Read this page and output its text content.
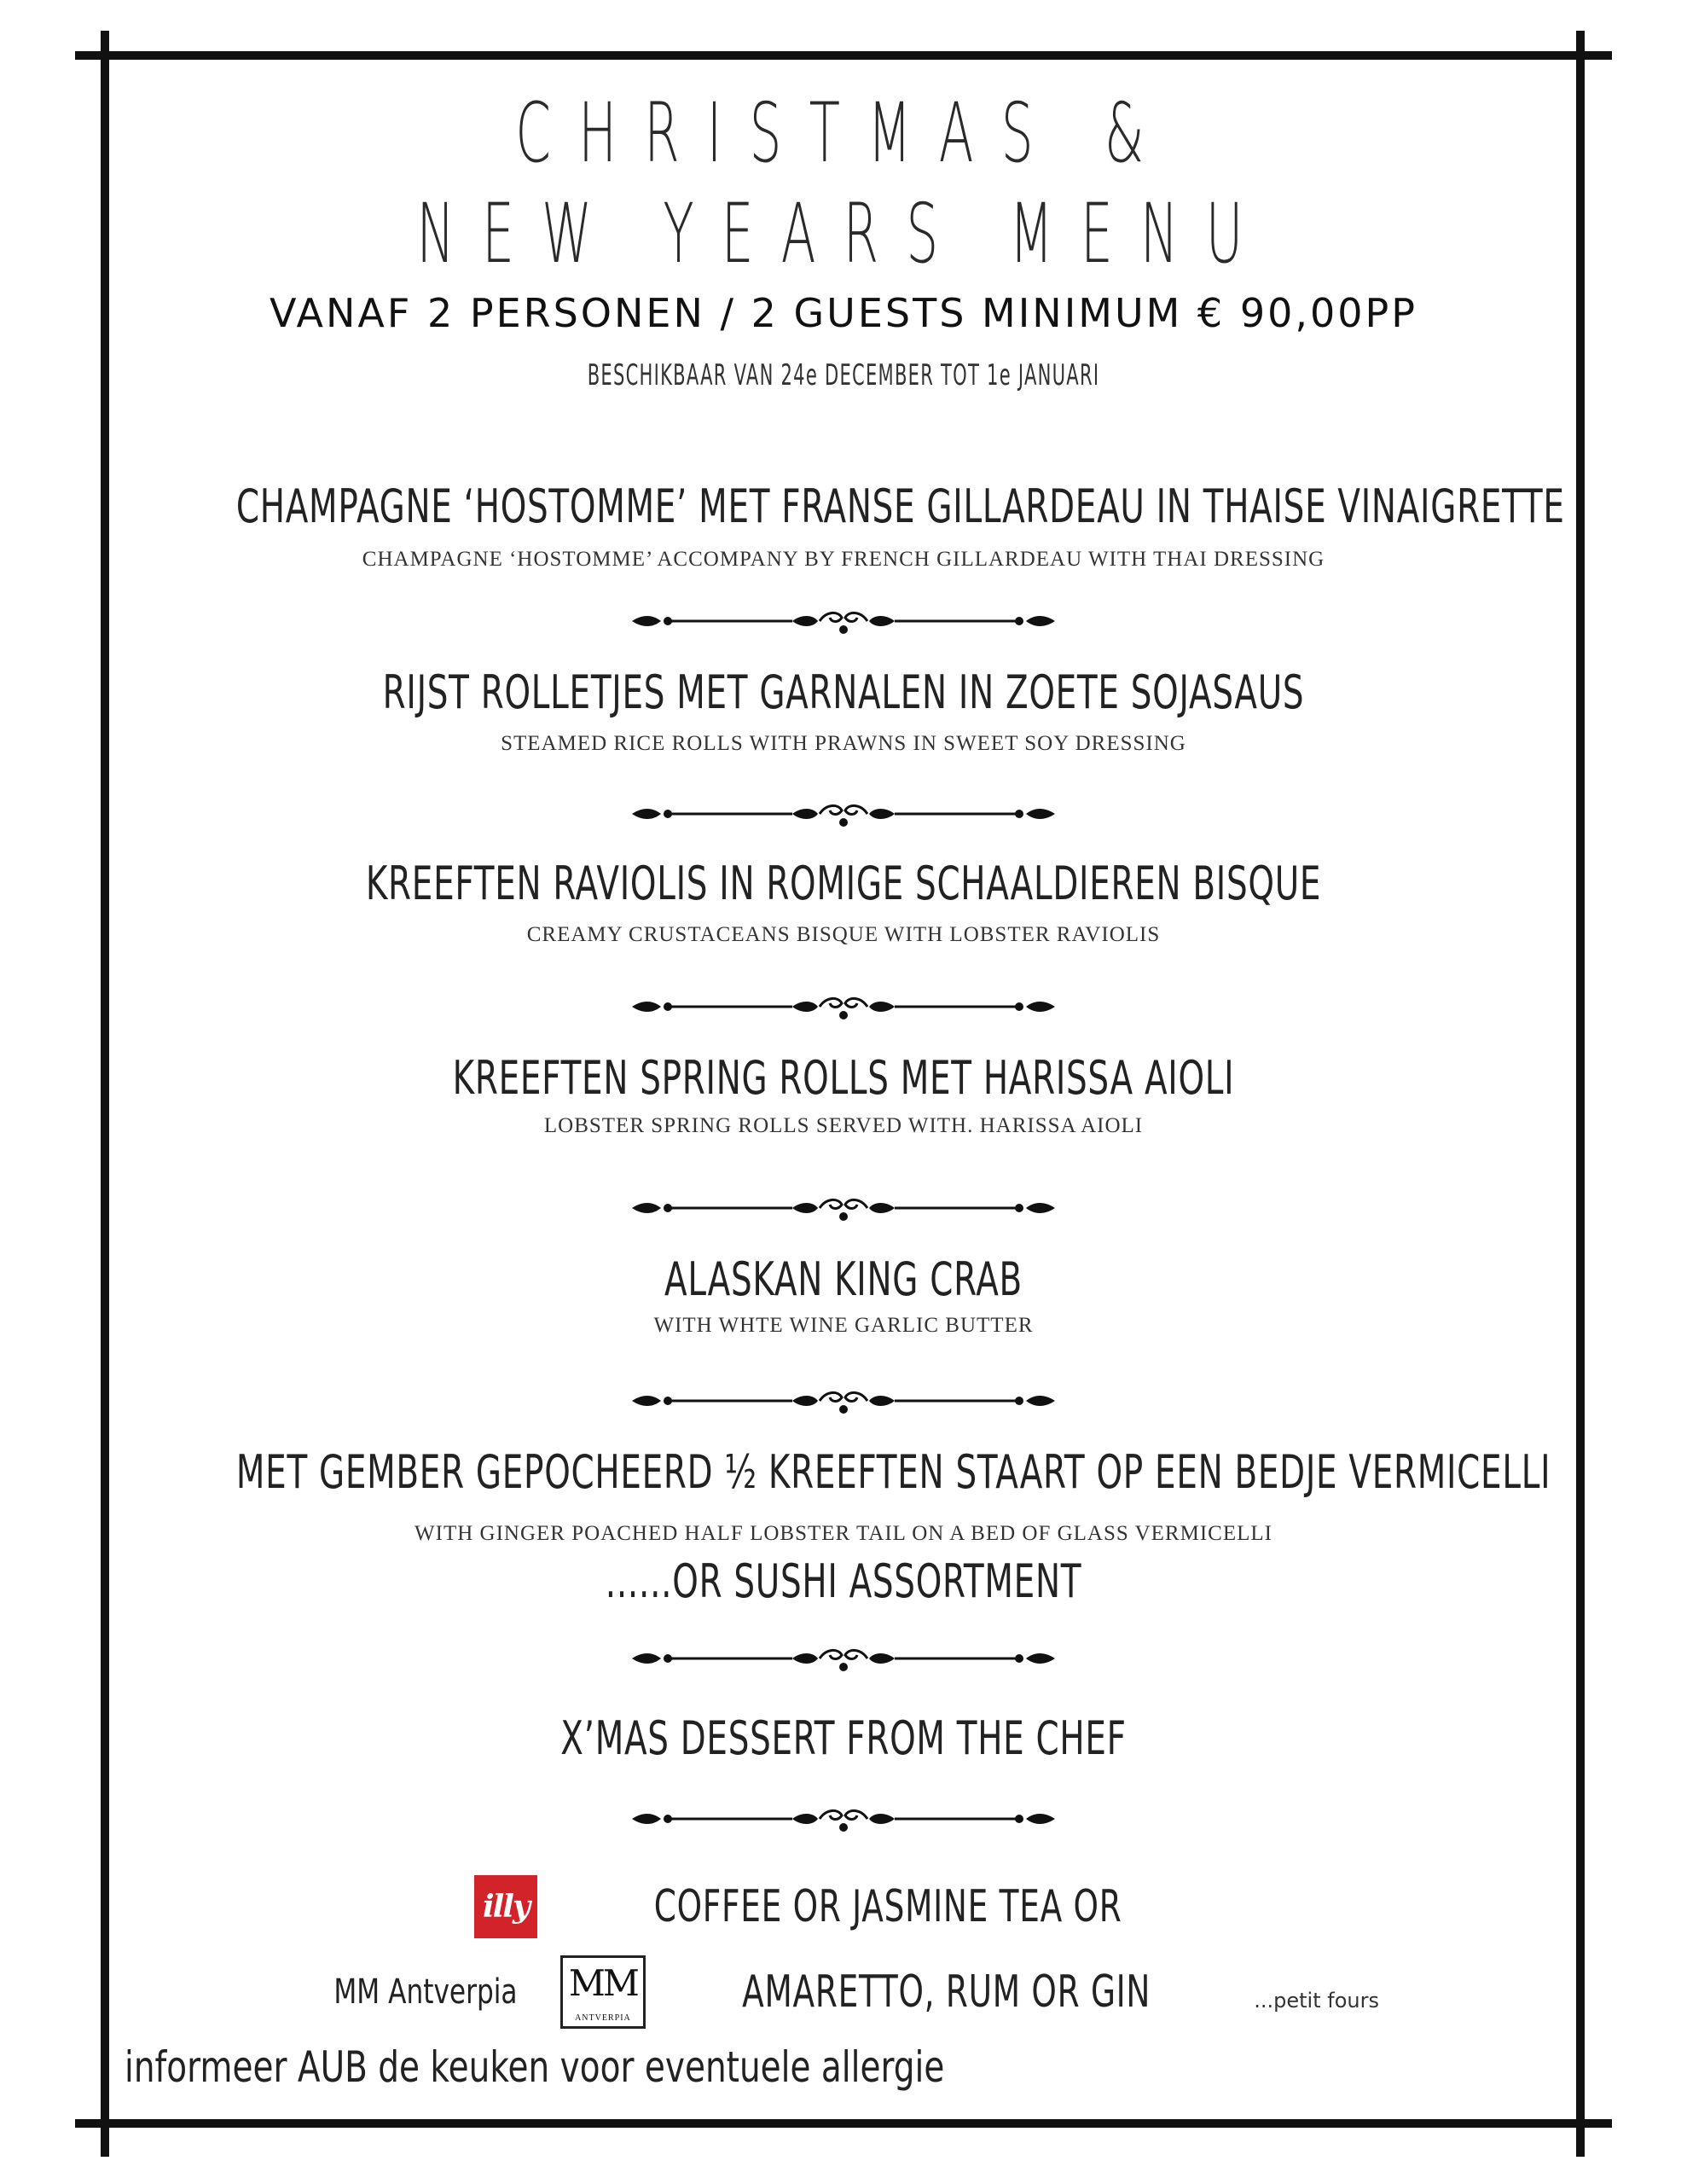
CHRISTMAS &
NEW YEARS MENU
VANAF 2 PERSONEN / 2 GUESTS MINIMUM € 90,00PP
BESCHIKBAAR VAN 24e DECEMBER TOT 1e JANUARI
CHAMPAGNE ‘HOSTOMME’ MET FRANSE GILLARDEAU IN THAISE VINAIGRETTE
CHAMPAGNE ‘HOSTOMME’ ACCOMPANY BY FRENCH GILLARDEAU WITH THAI DRESSING
RIJST ROLLETJES MET GARNALEN IN ZOETE SOJASAUS
STEAMED RICE ROLLS WITH PRAWNS IN SWEET SOY DRESSING
KREEFTEN RAVIOLIS IN ROMIGE SCHAALDIEREN BISQUE
CREAMY CRUSTACEANS BISQUE WITH LOBSTER RAVIOLIS
KREEFTEN SPRING ROLLS MET HARISSA AIOLI
LOBSTER SPRING ROLLS SERVED WITH. HARISSA AIOLI
ALASKAN KING CRAB
WITH WHTE WINE GARLIC BUTTER
MET GEMBER GEPOCHEERD ½ KREEFTEN STAART OP EEN BEDJE VERMICELLI
WITH GINGER POACHED HALF LOBSTER TAIL ON A BED OF GLASS VERMICELLI
......OR SUSHI ASSORTMENT
X’MAS DESSERT FROM THE CHEF
illy	COFFEE OR JASMINE TEA OR
MM Antverpia MM
ANTVERPIA
AMARETTO, RUM OR GIN	...petit fours
informeer AUB de keuken voor eventuele allergie
